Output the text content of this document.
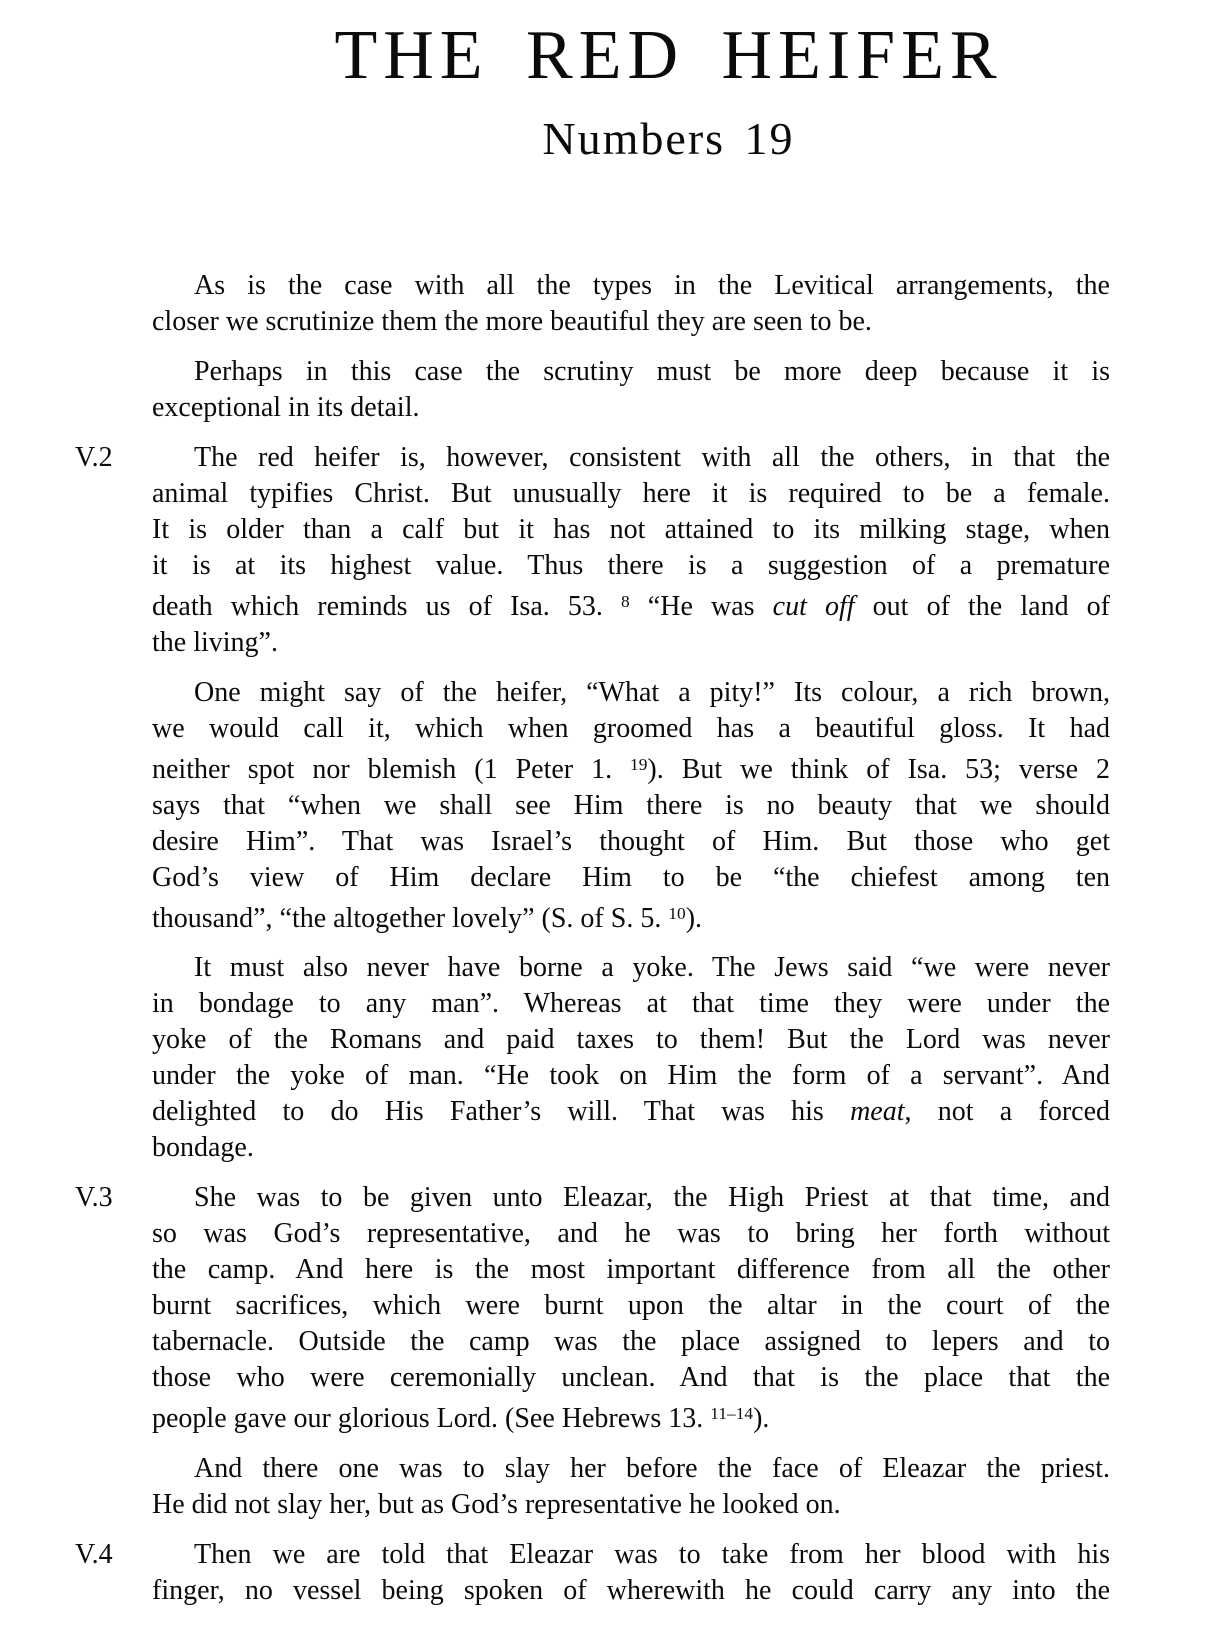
THE RED HEIFER
Numbers 19
As is the case with all the types in the Levitical arrangements, the
closer we scrutinize them the more beautiful they are seen to be.
Perhaps in this case the scrutiny must be more deep because it is
exceptional in its detail.
V.2	The red heifer is, however, consistent with all the others, in that the
animal typifies Christ. But unusually here it is required to be a female.
It is older than a calf but it has not attained to its milking stage, when
it is at its highest value. Thus there is a suggestion of a premature
death which reminds us of Isa. 53. $^8$ “He was cut off out of the land of
the living”.
One might say of the heifer, “What a pity!” Its colour, a rich brown,
we would call it, which when groomed has a beautiful gloss. It had
neither spot nor blemish (1 Peter 1. $^{19}$). But we think of Isa. 53; verse 2
says that “when we shall see Him there is no beauty that we should
desire Him”. That was Israel’s thought of Him. But those who get
God’s view of Him declare Him to be “the chiefest among ten
thousand”, “the altogether lovely” (S. of S. 5. $^{10}$).
It must also never have borne a yoke. The Jews said “we were never
in bondage to any man”. Whereas at that time they were under the
yoke of the Romans and paid taxes to them! But the Lord was never
under the yoke of man. “He took on Him the form of a servant”. And
delighted to do His Father’s will. That was his meat, not a forced
bondage.
V.3	She was to be given unto Eleazar, the High Priest at that time, and
so was God’s representative, and he was to bring her forth without
the camp. And here is the most important difference from all the other
burnt sacrifices, which were burnt upon the altar in the court of the
tabernacle. Outside the camp was the place assigned to lepers and to
those who were ceremonially unclean. And that is the place that the
people gave our glorious Lord. (See Hebrews 13. $^{11-14}$).
And there one was to slay her before the face of Eleazar the priest.
He did not slay her, but as God’s representative he looked on.
V.4	Then we are told that Eleazar was to take from her blood with his
finger, no vessel being spoken of wherewith he could carry any into the
